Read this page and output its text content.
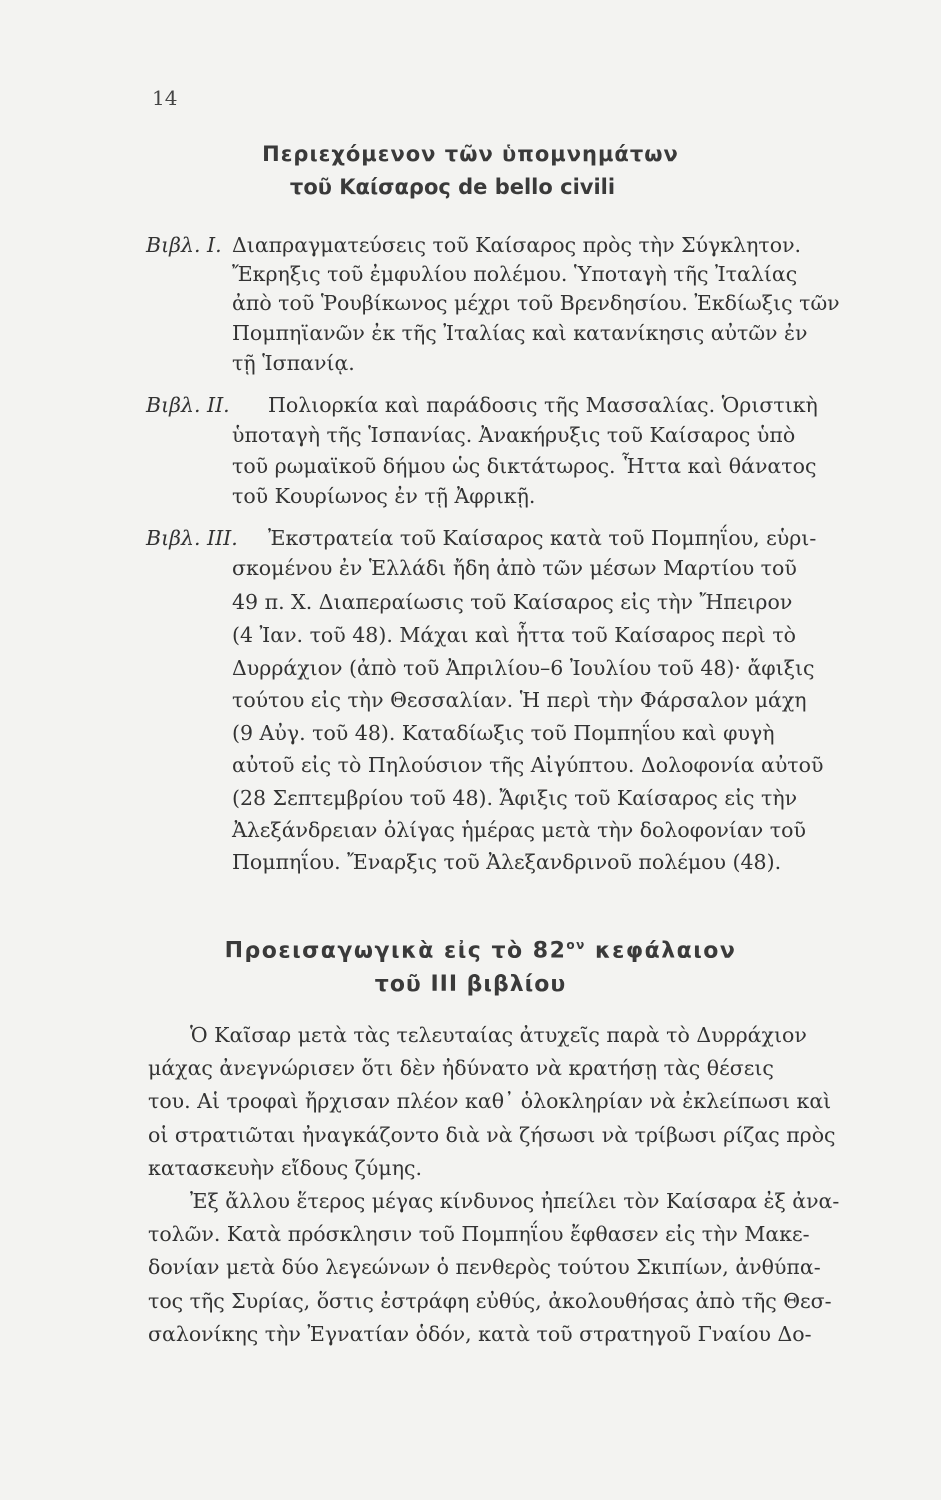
14
Περιεχόμενον τῶν ὑπομνημάτων
τοῦ Καίσαρος de bello civili
Βιβλ. Ι. Διαπραγματεύσεις τοῦ Καίσαρος πρὸς τὴν Σύγκλητον.
Ἔκρηξις τοῦ ἐμφυλίου πολέμου. Ὑποταγὴ τῆς Ἰταλίας
ἀπὸ τοῦ Ῥουβίκωνος μέχρι τοῦ Βρενδησίου. Ἐκδίωξις τῶν
Πομπηϊανῶν ἐκ τῆς Ἰταλίας καὶ κατανίκησις αὐτῶν ἐν
τῇ Ἱσπανίᾳ.
Βιβλ. ΙΙ. Πολιορκία καὶ παράδοσις τῆς Μασσαλίας. Ὁριστικὴ
ὑποταγὴ τῆς Ἱσπανίας. Ἀνακήρυξις τοῦ Καίσαρος ὑπὸ
τοῦ ρωμαϊκοῦ δήμου ὡς δικτάτωρος. Ἧττα καὶ θάνατος
τοῦ Κουρίωνος ἐν τῇ Ἀφρικῇ.
Βιβλ. ΙΙΙ. Ἐκστρατεία τοῦ Καίσαρος κατὰ τοῦ Πομπηΐου, εὑρι-
σκομένου ἐν Ἑλλάδι ἤδη ἀπὸ τῶν μέσων Μαρτίου τοῦ
49 π. Χ. Διαπεραίωσις τοῦ Καίσαρος εἰς τὴν Ἤπειρον
(4 Ἰαν. τοῦ 48). Μάχαι καὶ ἧττα τοῦ Καίσαρος περὶ τὸ
Δυρράχιον (ἀπὸ τοῦ Ἀπριλίου–6 Ἰουλίου τοῦ 48)· ἄφιξις
τούτου εἰς τὴν Θεσσαλίαν. Ἡ περὶ τὴν Φάρσαλον μάχη
(9 Αὐγ. τοῦ 48). Καταδίωξις τοῦ Πομπηΐου καὶ φυγὴ
αὐτοῦ εἰς τὸ Πηλούσιον τῆς Αἰγύπτου. Δολοφονία αὐτοῦ
(28 Σεπτεμβρίου τοῦ 48). Ἄφιξις τοῦ Καίσαρος εἰς τὴν
Ἀλεξάνδρειαν ὀλίγας ἡμέρας μετὰ τὴν δολοφονίαν τοῦ
Πομπηΐου. Ἔναρξις τοῦ Ἀλεξανδρινοῦ πολέμου (48).
Προεισαγωγικὰ εἰς τὸ $82^{o\nu}$ κεφάλαιον
τοῦ ΙΙΙ βιβλίου
Ὁ Καῖσαρ μετὰ τὰς τελευταίας ἀτυχεῖς παρὰ τὸ Δυρράχιον
μάχας ἀνεγνώρισεν ὅτι δὲν ἠδύνατο νὰ κρατήσῃ τὰς θέσεις
του. Αἱ τροφαὶ ἤρχισαν πλέον καθ᾽ ὁλοκληρίαν νὰ ἐκλείπωσι καὶ
οἱ στρατιῶται ἠναγκάζοντο διὰ νὰ ζήσωσι νὰ τρίβωσι ρίζας πρὸς
κατασκευὴν εἴδους ζύμης.
Ἐξ ἄλλου ἕτερος μέγας κίνδυνος ἠπείλει τὸν Καίσαρα ἐξ ἀνα-
τολῶν. Κατὰ πρόσκλησιν τοῦ Πομπηΐου ἔφθασεν εἰς τὴν Μακε-
δονίαν μετὰ δύο λεγεώνων ὁ πενθερὸς τούτου Σκιπίων, ἀνθύπα-
τος τῆς Συρίας, ὅστις ἐστράφη εὐθύς, ἀκολουθήσας ἀπὸ τῆς Θεσ-
σαλονίκης τὴν Ἐγνατίαν ὁδόν, κατὰ τοῦ στρατηγοῦ Γναίου Δο-
